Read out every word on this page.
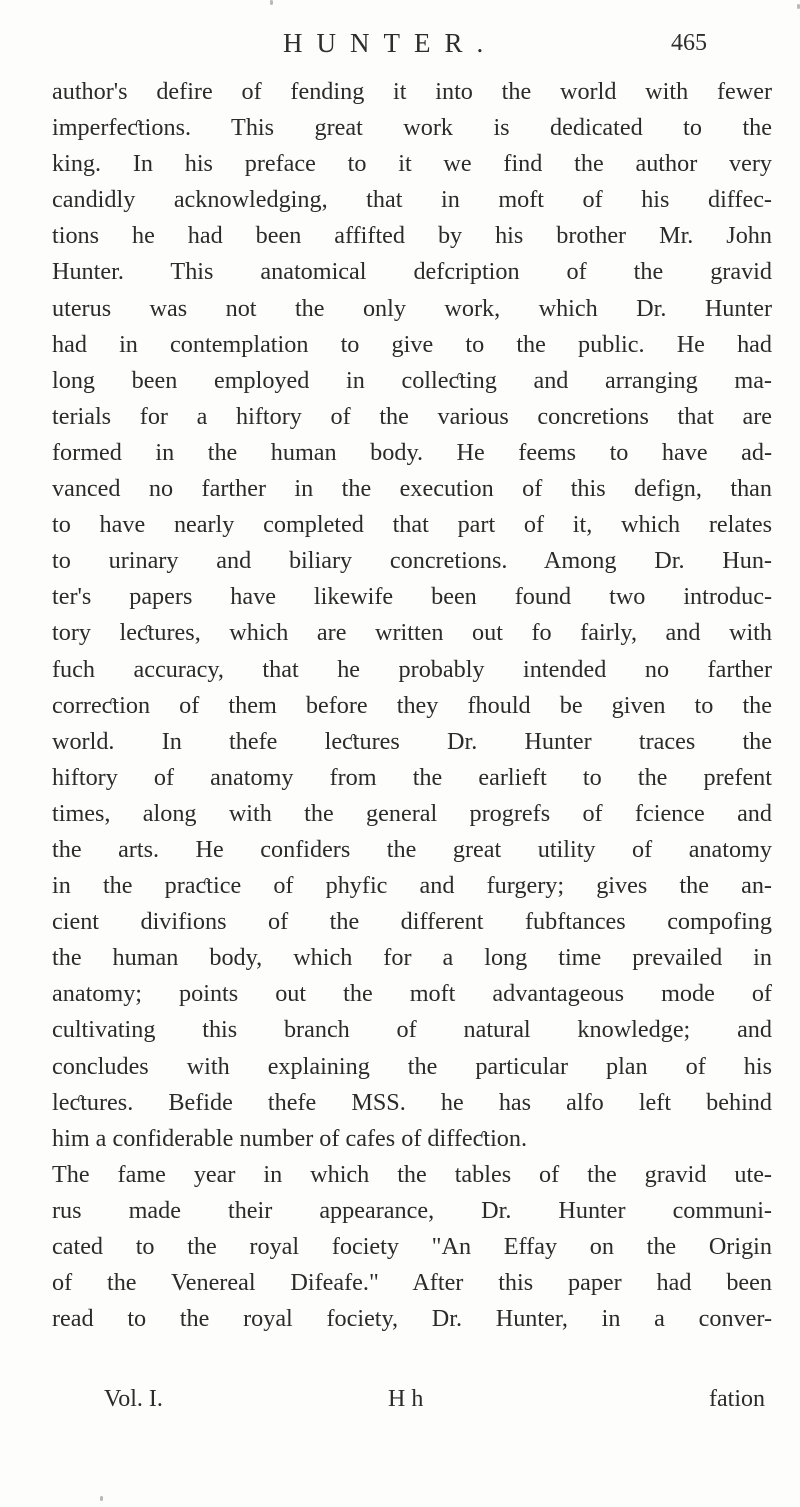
HUNTER.	465
author's defire of fending it into the world with fewer
imperfeƈtions. This great work is dedicated to the
king. In his preface to it we find the author very
candidly acknowledging, that in moft of his diffec-
tions he had been affifted by his brother Mr. John
Hunter. This anatomical defcription of the gravid
uterus was not the only work, which Dr. Hunter
had in contemplation to give to the public. He had
long been employed in colleƈting and arranging ma-
terials for a hiftory of the various concretions that are
formed in the human body. He feems to have ad-
vanced no farther in the execution of this defign, than
to have nearly completed that part of it, which relates
to urinary and biliary concretions. Among Dr. Hun-
ter's papers have likewife been found two introduc-
tory leƈtures, which are written out fo fairly, and with
fuch accuracy, that he probably intended no farther
correƈtion of them before they fhould be given to the
world. In thefe leƈtures Dr. Hunter traces the
hiftory of anatomy from the earlieft to the prefent
times, along with the general progrefs of fcience and
the arts. He confiders the great utility of anatomy
in the praƈtice of phyfic and furgery; gives the an-
cient divifions of the different fubftances compofing
the human body, which for a long time prevailed in
anatomy; points out the moft advantageous mode of
cultivating this branch of natural knowledge; and
concludes with explaining the particular plan of his
leƈtures. Befide thefe MSS. he has alfo left behind
him a confiderable number of cafes of diffeƈtion.
The fame year in which the tables of the gravid ute-
rus made their appearance, Dr. Hunter communi-
cated to the royal fociety "An Effay on the Origin
of the Venereal Difeafe." After this paper had been
read to the royal fociety, Dr. Hunter, in a conver-
Vol. I.	H h	fation
